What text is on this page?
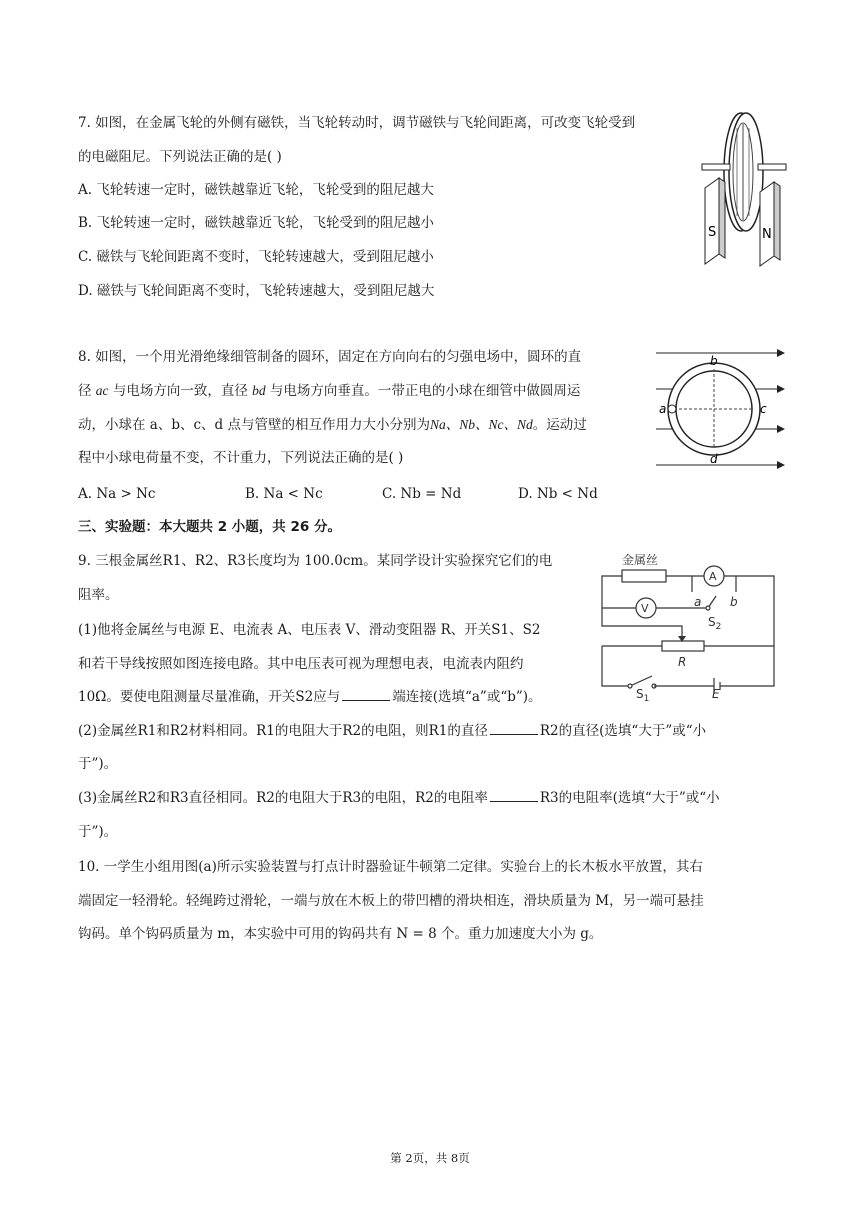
7. 如图，在金属飞轮的外侧有磁铁，当飞轮转动时，调节磁铁与飞轮间距离，可改变飞轮受到
的电磁阻尼。下列说法正确的是( )
A. 飞轮转速一定时，磁铁越靠近飞轮，飞轮受到的阻尼越大
B. 飞轮转速一定时，磁铁越靠近飞轮，飞轮受到的阻尼越小
C. 磁铁与飞轮间距离不变时，飞轮转速越大，受到阻尼越小
D. 磁铁与飞轮间距离不变时，飞轮转速越大，受到阻尼越大
S	N
8. 如图，一个用光滑绝缘细管制备的圆环，固定在方向向右的匀强电场中，圆环的直
径 ac 与电场方向一致，直径 bd 与电场方向垂直。一带正电的小球在细管中做圆周运
动，小球在 a、b、c、d 点与管壁的相互作用力大小分别为Na、Nb、Nc、Nd。运动过
程中小球电荷量不变，不计重力，下列说法正确的是( )
A. Na > Nc	B. Na < Nc	C. Nb = Nd	D. Nb < Nd
b
a	c
d
三、实验题：本大题共 2 小题，共 26 分。
9. 三根金属丝R1、R2、R3长度均为 100.0cm。某同学设计实验探究它们的电
阻率。
(1)他将金属丝与电源 E、电流表 A、电压表 V、滑动变阻器 R、开关S1、S2
和若干导线按照如图连接电路。其中电压表可视为理想电表，电流表内阻约
10Ω。要使电阻测量尽量准确，开关S2应与	端连接(选填“a”或“b”)。
(2)金属丝R1和R2材料相同。R1的电阻大于R2的电阻，则R1的直径	R2的直径(选填“大于”或“小
于”)。
(3)金属丝R2和R3直径相同。R2的电阻大于R3的电阻，R2的电阻率	R3的电阻率(选填“大于”或“小
于”)。
金属丝
A
V	a b
$S_2$
R
$S_1$	E
10. 一学生小组用图(a)所示实验装置与打点计时器验证牛顿第二定律。实验台上的长木板水平放置，其右
端固定一轻滑轮。轻绳跨过滑轮，一端与放在木板上的带凹槽的滑块相连，滑块质量为 M，另一端可悬挂
钩码。单个钩码质量为 m，本实验中可用的钩码共有 N = 8 个。重力加速度大小为 g。
第 2页，共 8页
